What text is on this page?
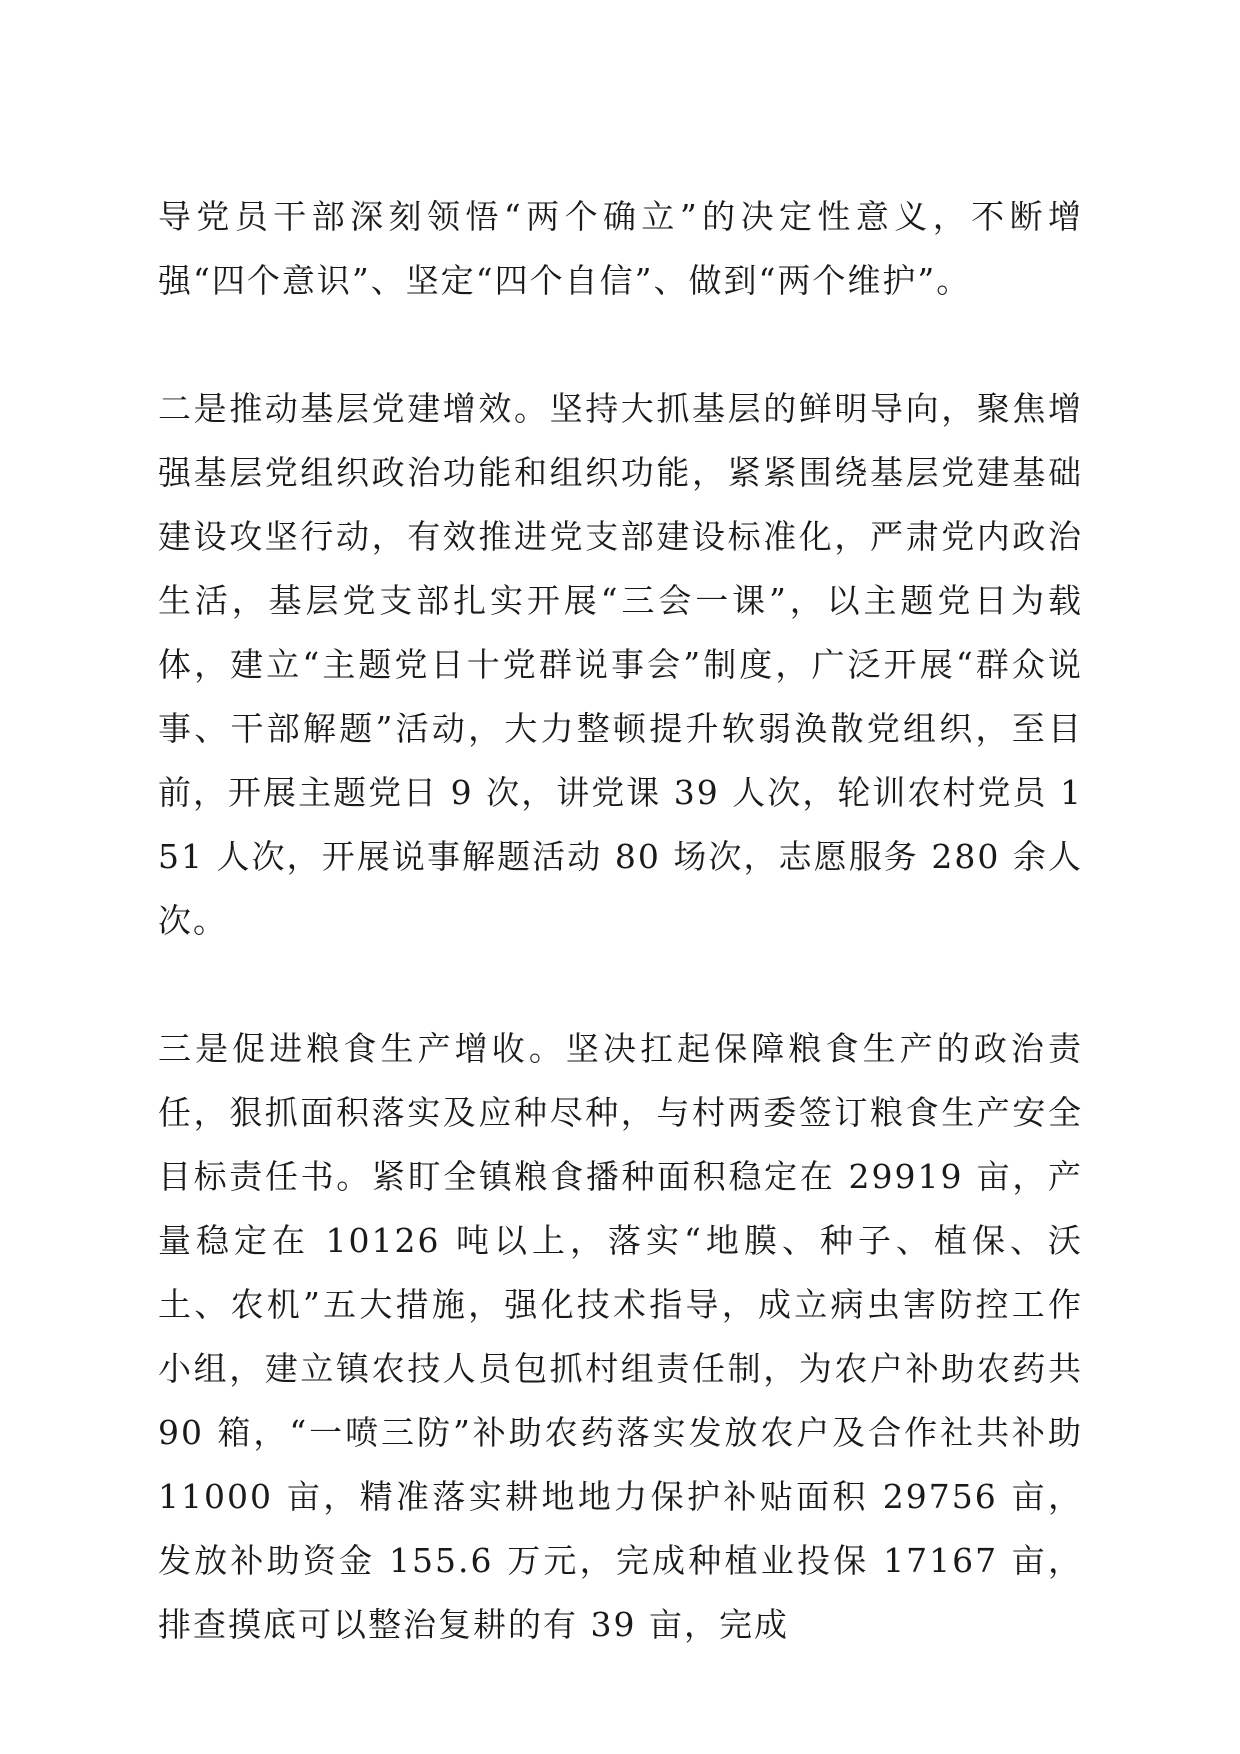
导党员干部深刻领悟“两个确立”的决定性意义，不断增强“四个意识”、坚定“四个自信”、做到“两个维护”。

二是推动基层党建增效。坚持大抓基层的鲜明导向，聚焦增强基层党组织政治功能和组织功能，紧紧围绕基层党建基础建设攻坚行动，有效推进党支部建设标准化，严肃党内政治生活，基层党支部扎实开展“三会一课”，以主题党日为载体，建立“主题党日十党群说事会”制度，广泛开展“群众说事、干部解题”活动，大力整顿提升软弱涣散党组织，至目前，开展主题党日 9 次，讲党课 39 人次，轮训农村党员 151 人次，开展说事解题活动 80 场次，志愿服务 280 余人次。

三是促进粮食生产增收。坚决扛起保障粮食生产的政治责任，狠抓面积落实及应种尽种，与村两委签订粮食生产安全目标责任书。紧盯全镇粮食播种面积稳定在 29919 亩，产量稳定在 10126 吨以上，落实“地膜、种子、植保、沃土、农机”五大措施，强化技术指导，成立病虫害防控工作小组，建立镇农技人员包抓村组责任制，为农户补助农药共 90 箱，“一喷三防”补助农药落实发放农户及合作社共补助 11000 亩，精准落实耕地地力保护补贴面积 29756 亩，发放补助资金 155.6 万元，完成种植业投保 17167 亩，排查摸底可以整治复耕的有 39 亩，完成
